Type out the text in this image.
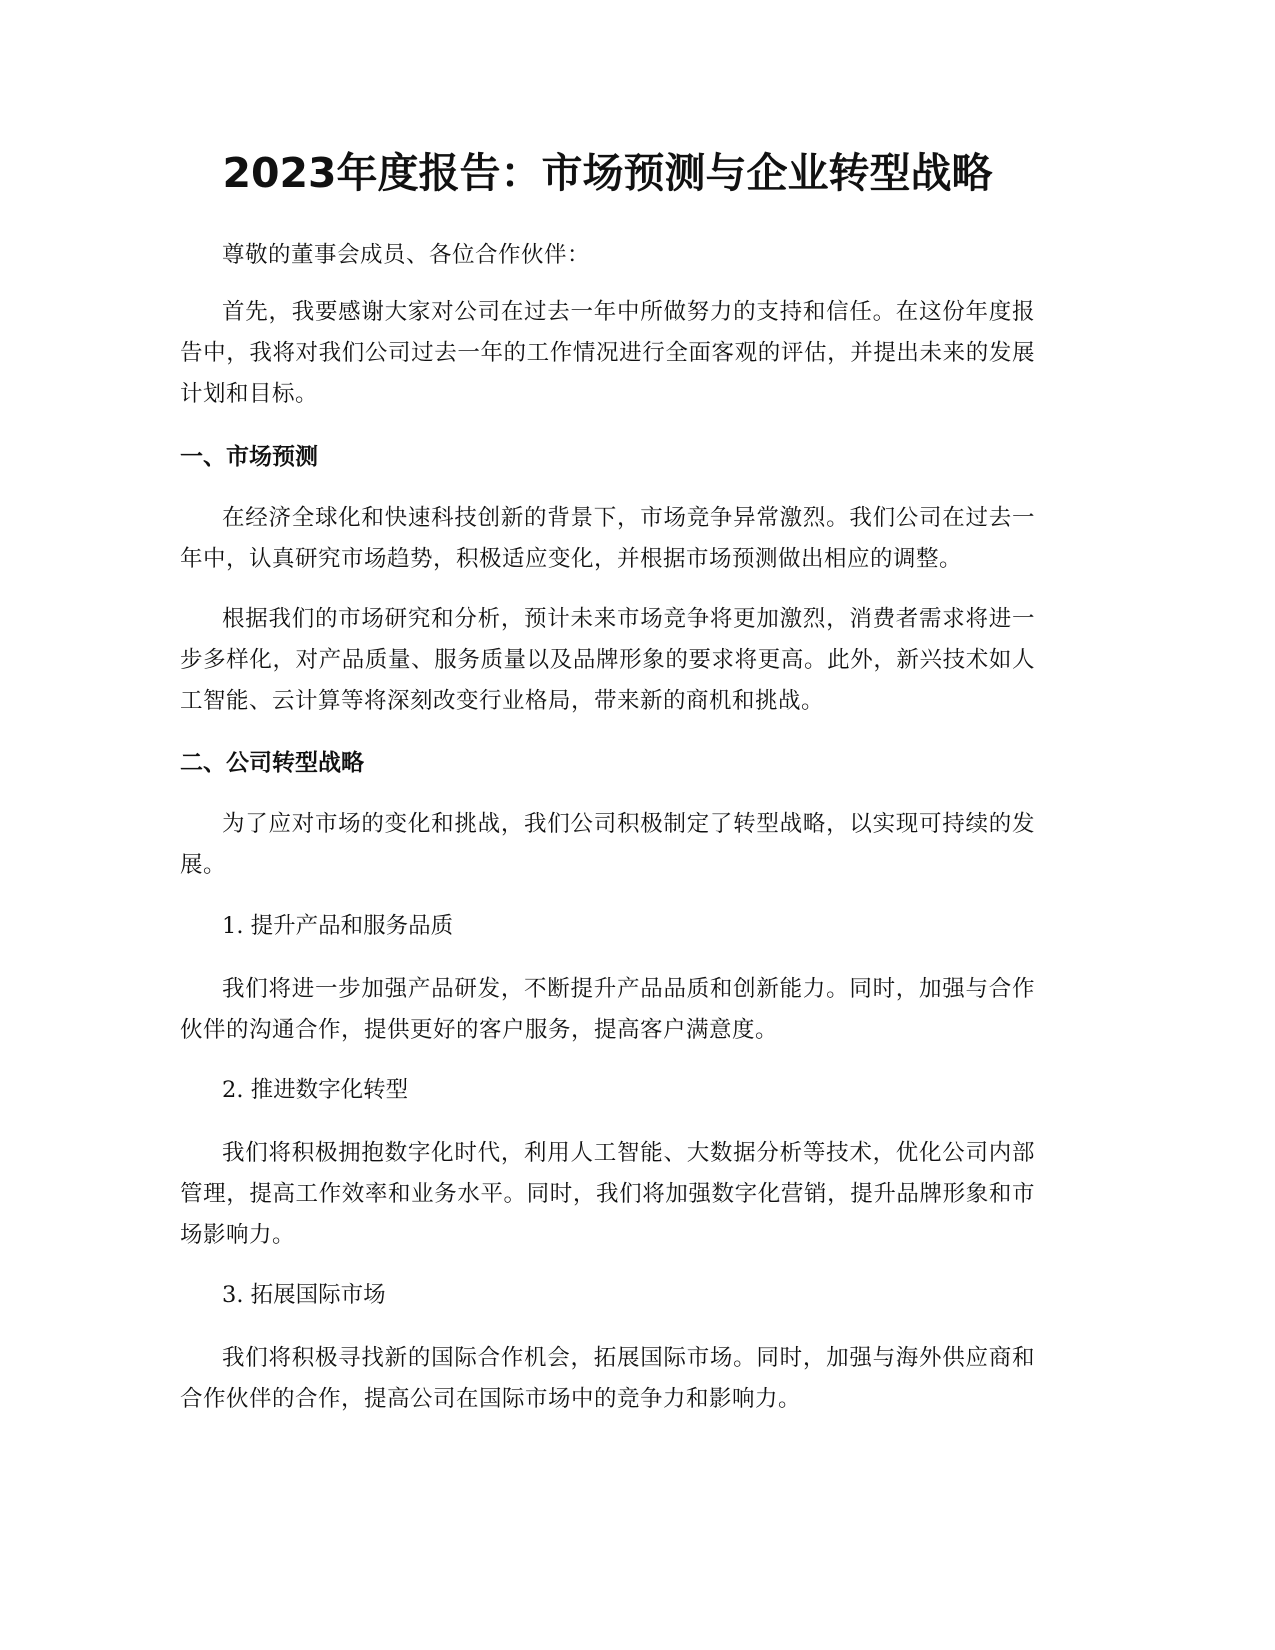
2023年度报告：市场预测与企业转型战略

尊敬的董事会成员、各位合作伙伴：

首先，我要感谢大家对公司在过去一年中所做努力的支持和信任。在这份年度报告中，我将对我们公司过去一年的工作情况进行全面客观的评估，并提出未来的发展计划和目标。

一、市场预测

在经济全球化和快速科技创新的背景下，市场竞争异常激烈。我们公司在过去一年中，认真研究市场趋势，积极适应变化，并根据市场预测做出相应的调整。

根据我们的市场研究和分析，预计未来市场竞争将更加激烈，消费者需求将进一步多样化，对产品质量、服务质量以及品牌形象的要求将更高。此外，新兴技术如人工智能、云计算等将深刻改变行业格局，带来新的商机和挑战。

二、公司转型战略

为了应对市场的变化和挑战，我们公司积极制定了转型战略，以实现可持续的发展。

1. 提升产品和服务品质

我们将进一步加强产品研发，不断提升产品品质和创新能力。同时，加强与合作伙伴的沟通合作，提供更好的客户服务，提高客户满意度。

2. 推进数字化转型

我们将积极拥抱数字化时代，利用人工智能、大数据分析等技术，优化公司内部管理，提高工作效率和业务水平。同时，我们将加强数字化营销，提升品牌形象和市场影响力。

3. 拓展国际市场

我们将积极寻找新的国际合作机会，拓展国际市场。同时，加强与海外供应商和合作伙伴的合作，提高公司在国际市场中的竞争力和影响力。
